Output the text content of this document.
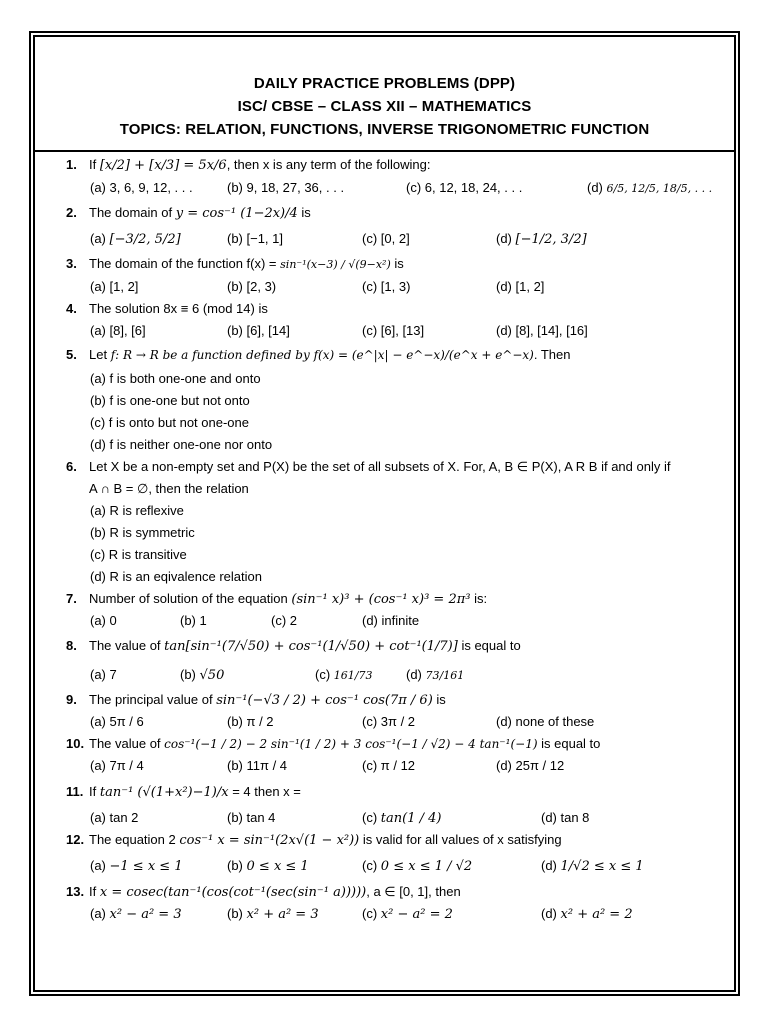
DAILY PRACTICE PROBLEMS (DPP)
ISC/ CBSE – CLASS XII – MATHEMATICS
TOPICS: RELATION, FUNCTIONS, INVERSE TRIGONOMETRIC FUNCTION
1. If [x/2] + [x/3] = 5x/6, then x is any term of the following:
(a) 3, 6, 9, 12, . . .	(b) 9, 18, 27, 36, . . .	(c) 6, 12, 18, 24, . . .	(d) 6/5, 12/5, 18/5, . . .
2. The domain of y = cos⁻¹ (1−2x)/4 is
(a) [−3/2, 5/2]	(b) [−1, 1]	(c) [0, 2]	(d) [−1/2, 3/2]
3. The domain of the function f(x) = sin⁻¹(x−3) / √(9−x²) is
(a) [1, 2]	(b) [2, 3)	(c) [1, 3)	(d) [1, 2]
4. The solution 8x ≡ 6 (mod 14) is
(a) [8], [6]	(b) [6], [14]	(c) [6], [13]	(d) [8], [14], [16]
5. Let f: R → R be a function defined by f(x) = (e^|x| − e^−x)/(e^x + e^−x). Then
(a) f is both one-one and onto
(b) f is one-one but not onto
(c) f is onto but not one-one
(d) f is neither one-one nor onto
6. Let X be a non-empty set and P(X) be the set of all subsets of X. For, A, B ∈ P(X), A R B if and only if
A ∩ B = ∅, then the relation
(a) R is reflexive
(b) R is symmetric
(c) R is transitive
(d) R is an eqivalence relation
7. Number of solution of the equation (sin⁻¹ x)³ + (cos⁻¹ x)³ = 2π³ is:
(a) 0	(b) 1	(c) 2	(d) infinite
8. The value of tan[sin⁻¹(7/√50) + cos⁻¹(1/√50) + cot⁻¹(1/7)] is equal to
(a) 7	(b) √50	(c) 161/73	(d) 73/161
9. The principal value of sin⁻¹(−√3 / 2) + cos⁻¹ cos(7π / 6) is
(a) 5π / 6	(b) π / 2	(c) 3π / 2	(d) none of these
10. The value of cos⁻¹(−1 / 2) − 2 sin⁻¹(1 / 2) + 3 cos⁻¹(−1 / √2) − 4 tan⁻¹(−1) is equal to
(a) 7π / 4	(b) 11π / 4	(c) π / 12	(d) 25π / 12
11. If tan⁻¹ (√(1+x²)−1)/x = 4 then x =
(a) tan 2	(b) tan 4	(c) tan(1 / 4)	(d) tan 8
12. The equation 2 cos⁻¹ x = sin⁻¹(2x√(1 − x²)) is valid for all values of x satisfying
(a) −1 ≤ x ≤ 1	(b) 0 ≤ x ≤ 1	(c) 0 ≤ x ≤ 1 / √2	(d) 1/√2 ≤ x ≤ 1
13. If x = cosec(tan⁻¹(cos(cot⁻¹(sec(sin⁻¹ a))))), a ∈ [0, 1], then
(a) x² − a² = 3	(b) x² + a² = 3	(c) x² − a² = 2	(d) x² + a² = 2
